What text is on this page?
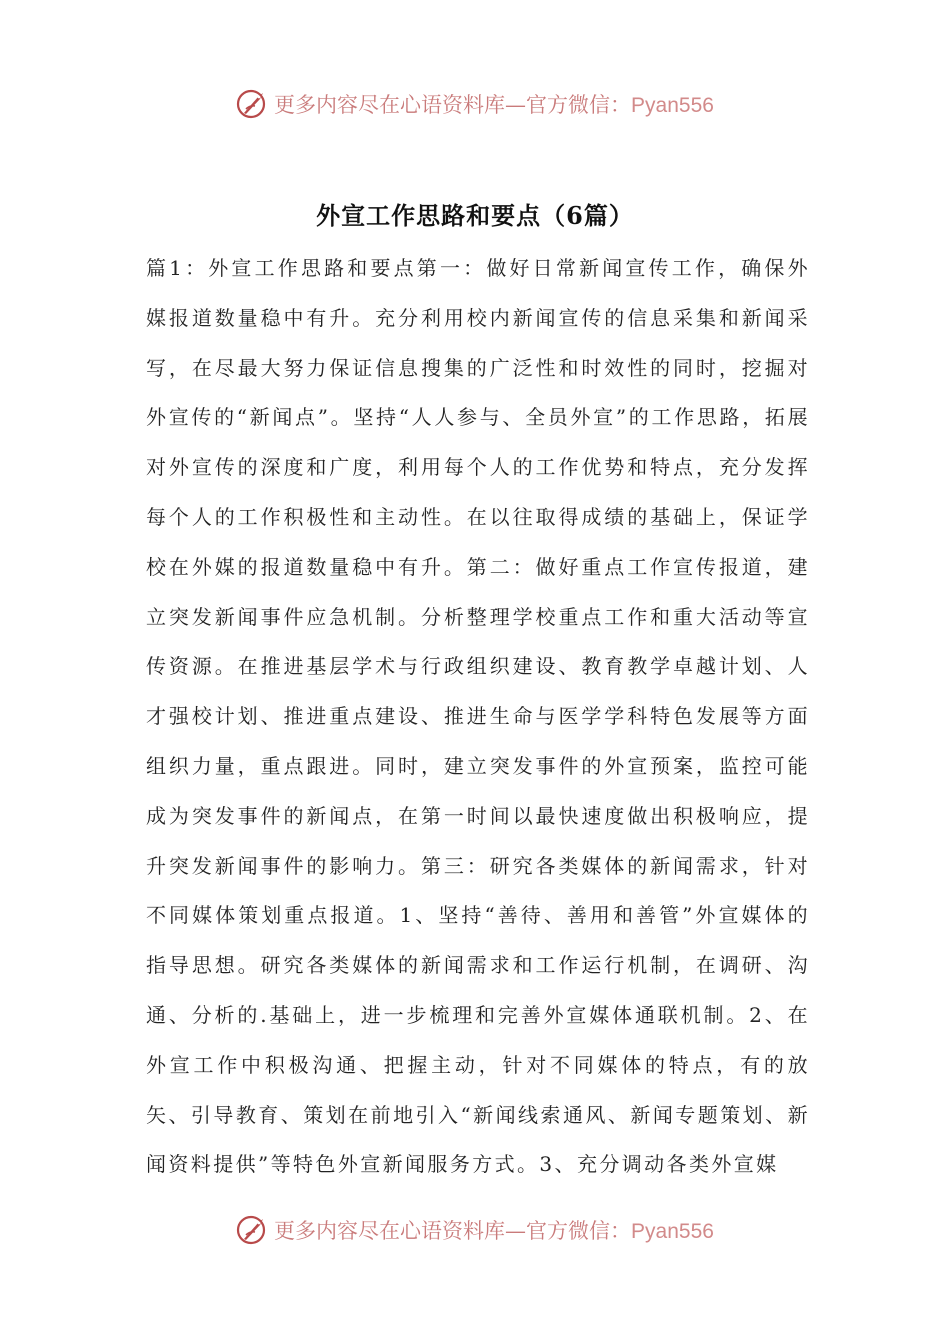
更多内容尽在心语资料库—官方微信：Pyan556
外宣工作思路和要点（6篇）

篇1：外宣工作思路和要点第一：做好日常新闻宣传工作，确保外媒报道数量稳中有升。充分利用校内新闻宣传的信息采集和新闻采写，在尽最大努力保证信息搜集的广泛性和时效性的同时，挖掘对外宣传的“新闻点”。坚持“人人参与、全员外宣”的工作思路，拓展对外宣传的深度和广度，利用每个人的工作优势和特点，充分发挥每个人的工作积极性和主动性。在以往取得成绩的基础上，保证学校在外媒的报道数量稳中有升。第二：做好重点工作宣传报道，建立突发新闻事件应急机制。分析整理学校重点工作和重大活动等宣传资源。在推进基层学术与行政组织建设、教育教学卓越计划、人才强校计划、推进重点建设、推进生命与医学学科特色发展等方面组织力量，重点跟进。同时，建立突发事件的外宣预案，监控可能成为突发事件的新闻点，在第一时间以最快速度做出积极响应，提升突发新闻事件的影响力。第三：研究各类媒体的新闻需求，针对不同媒体策划重点报道。1、坚持“善待、善用和善管”外宣媒体的指导思想。研究各类媒体的新闻需求和工作运行机制，在调研、沟通、分析的.基础上，进一步梳理和完善外宣媒体通联机制。2、在外宣工作中积极沟通、把握主动，针对不同媒体的特点，有的放矢、引导教育、策划在前地引入“新闻线索通风、新闻专题策划、新闻资料提供”等特色外宣新闻服务方式。3、充分调动各类外宣媒

更多内容尽在心语资料库—官方微信：Pyan556
